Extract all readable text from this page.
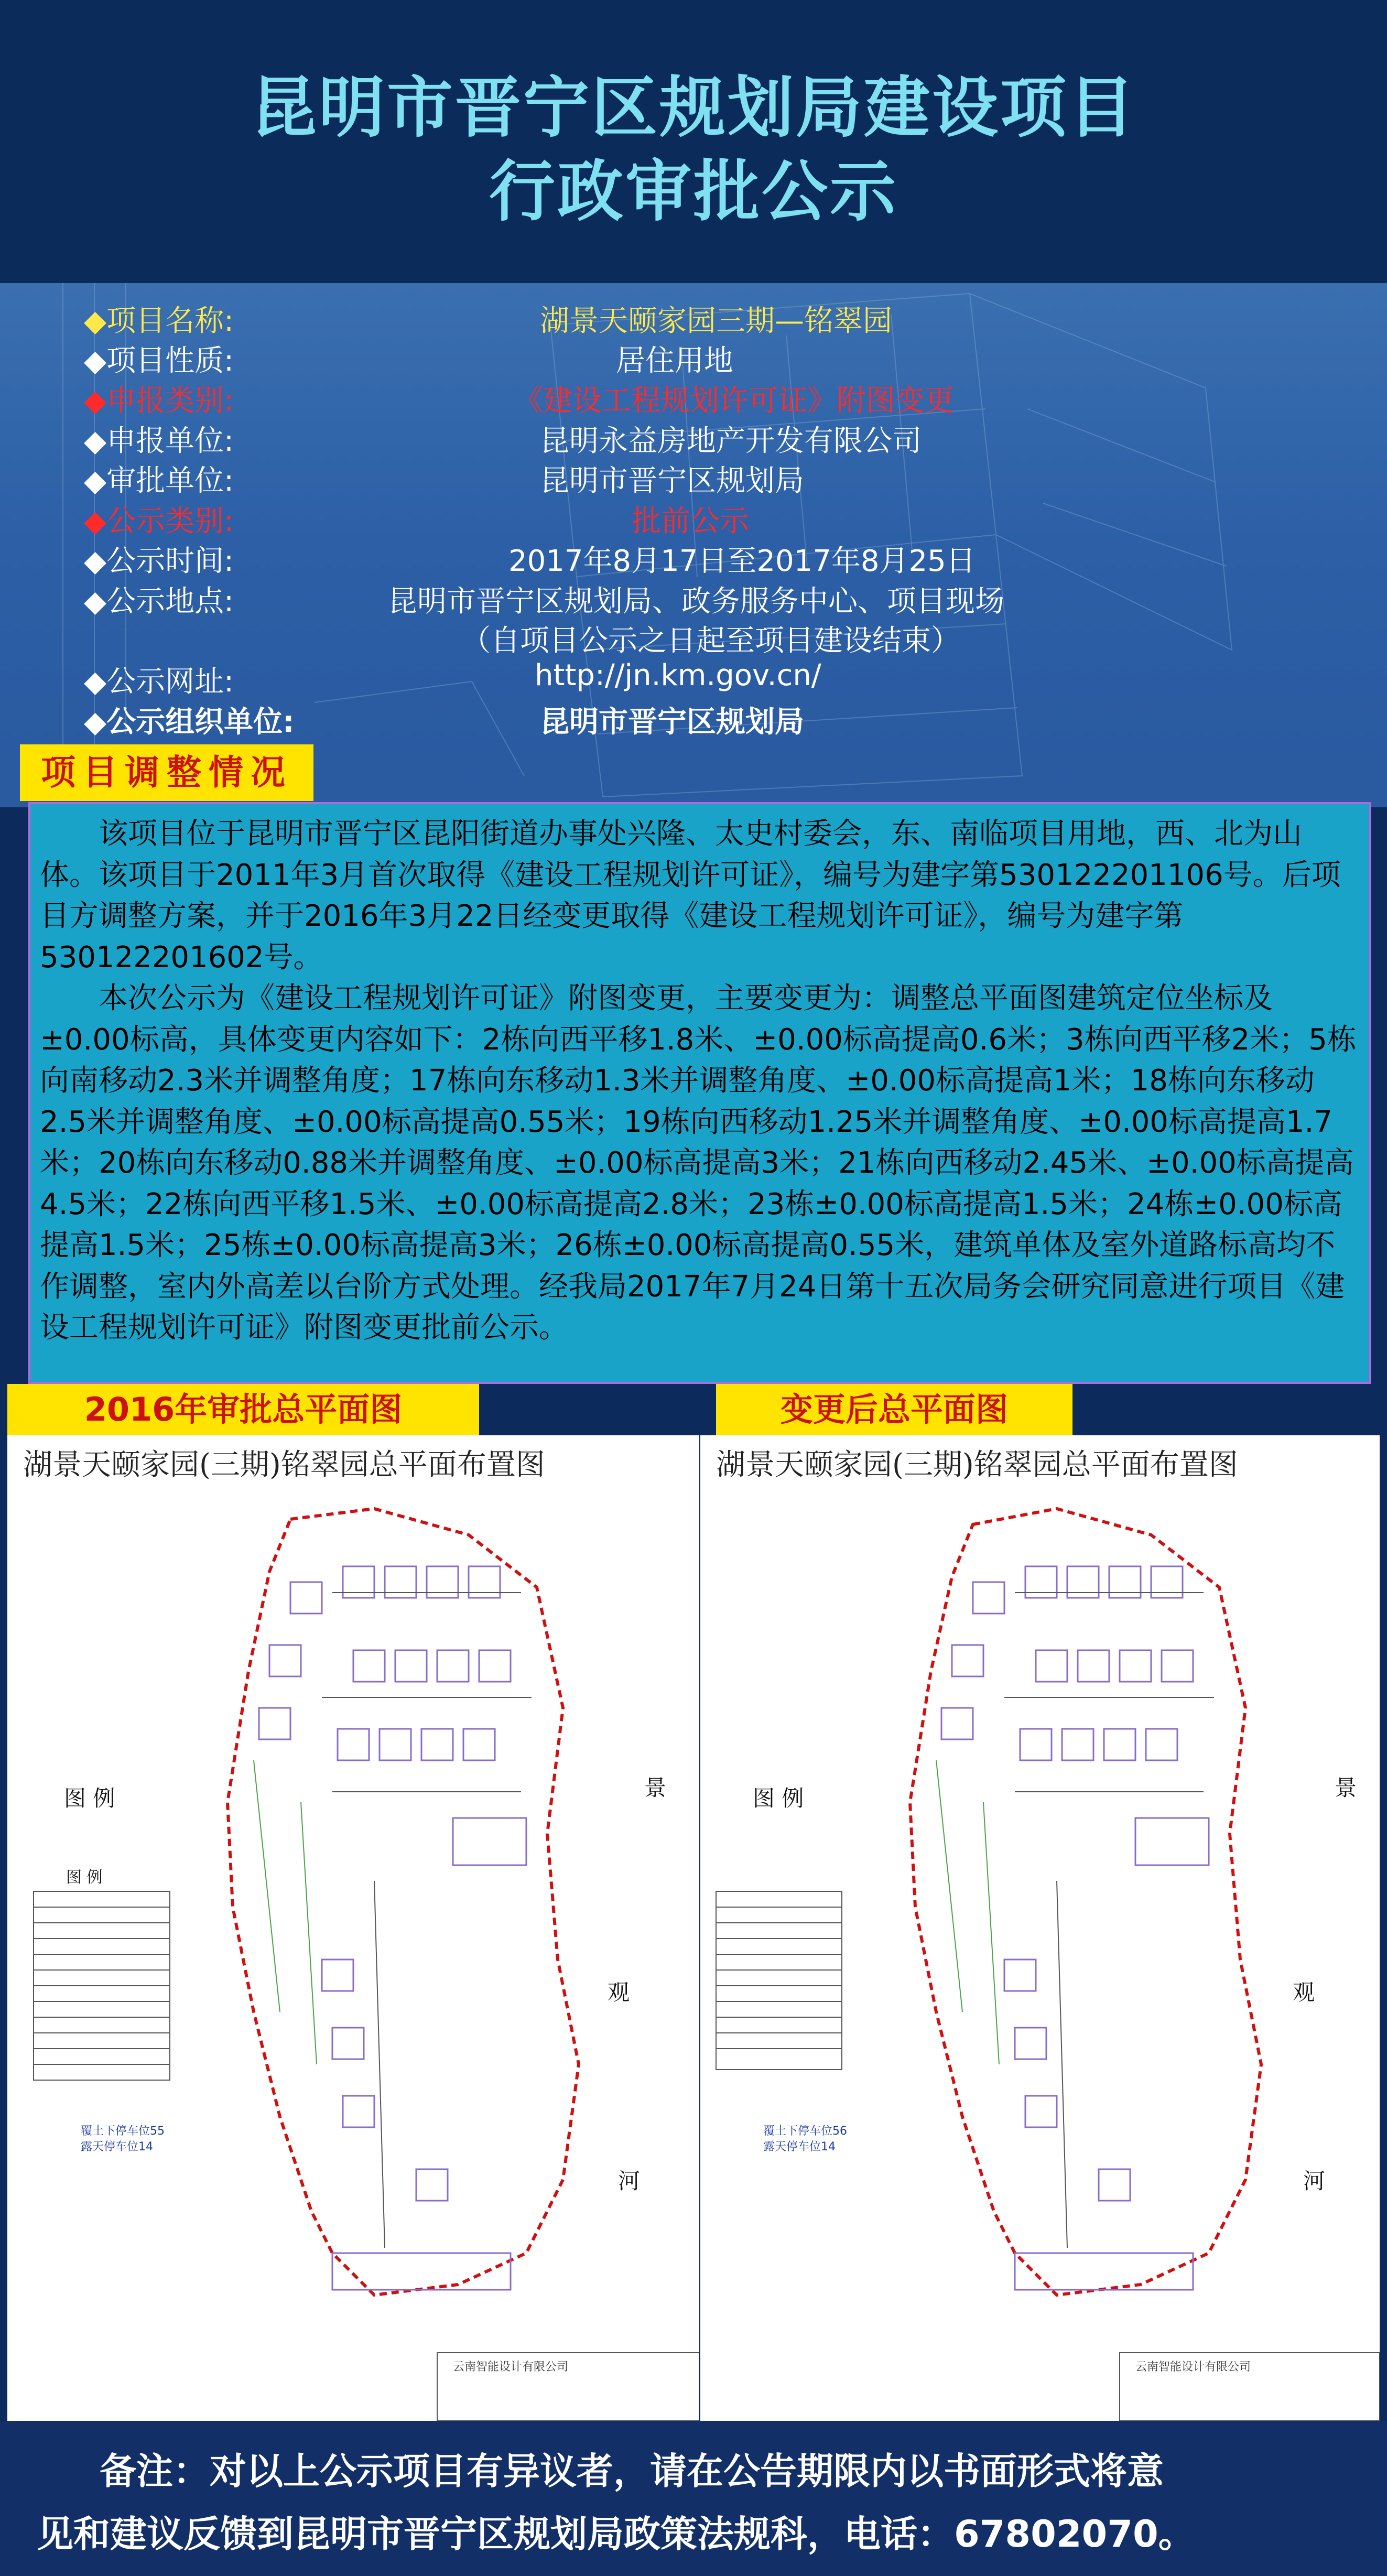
昆明市晋宁区规划局建设项目
行政审批公示
◆项目名称:	湖景天颐家园三期—铭翠园
◆项目性质:	居住用地
◆申报类别:	《建设工程规划许可证》附图变更
◆申报单位:	昆明永益房地产开发有限公司
◆审批单位:	昆明市晋宁区规划局
◆公示类别:	批前公示
◆公示时间:	2017年8月17日至2017年8月25日
◆公示地点:	昆明市晋宁区规划局、政务服务中心、项目现场
（自项目公示之日起至项目建设结束）
◆公示网址:	http://jn.km.gov.cn/
◆公示组织单位:	昆明市晋宁区规划局
项目调整情况

该项目位于昆明市晋宁区昆阳街道办事处兴隆、太史村委会，东、南临项目用地，西、北为山体。该项目于2011年3月首次取得《建设工程规划许可证》，编号为建字第530122201106号。后项目方调整方案，并于2016年3月22日经变更取得《建设工程规划许可证》，编号为建字第530122201602号。

本次公示为《建设工程规划许可证》附图变更，主要变更为：调整总平面图建筑定位坐标及±0.00标高，具体变更内容如下：2栋向西平移1.8米、±0.00标高提高0.6米；3栋向西平移2米；5栋向南移动2.3米并调整角度；17栋向东移动1.3米并调整角度、±0.00标高提高1米；18栋向东移动2.5米并调整角度、±0.00标高提高0.55米；19栋向西移动1.25米并调整角度、±0.00标高提高1.7米；20栋向东移动0.88米并调整角度、±0.00标高提高3米；21栋向西移动2.45米、±0.00标高提高4.5米；22栋向西平移1.5米、±0.00标高提高2.8米；23栋±0.00标高提高1.5米；24栋±0.00标高提高1.5米；25栋±0.00标高提高3米；26栋±0.00标高提高0.55米，建筑单体及室外道路标高均不作调整，室内外高差以台阶方式处理。经我局2017年7月24日第十五次局务会研究同意进行项目《建设工程规划许可证》附图变更批前公示。

2016年审批总平面图	变更后总平面图
湖景天颐家园(三期)铭翠园总平面布置图
图 例
图 例
景
观
河
覆土下停车位55
露天停车位14
云南智能设计有限公司
湖景天颐家园(三期)铭翠园总平面布置图
图 例	景
观
河
覆土下停车位56
露天停车位14
云南智能设计有限公司
备注：对以上公示项目有异议者，请在公告期限内以书面形式将意
见和建议反馈到昆明市晋宁区规划局政策法规科，电话：67802070。
